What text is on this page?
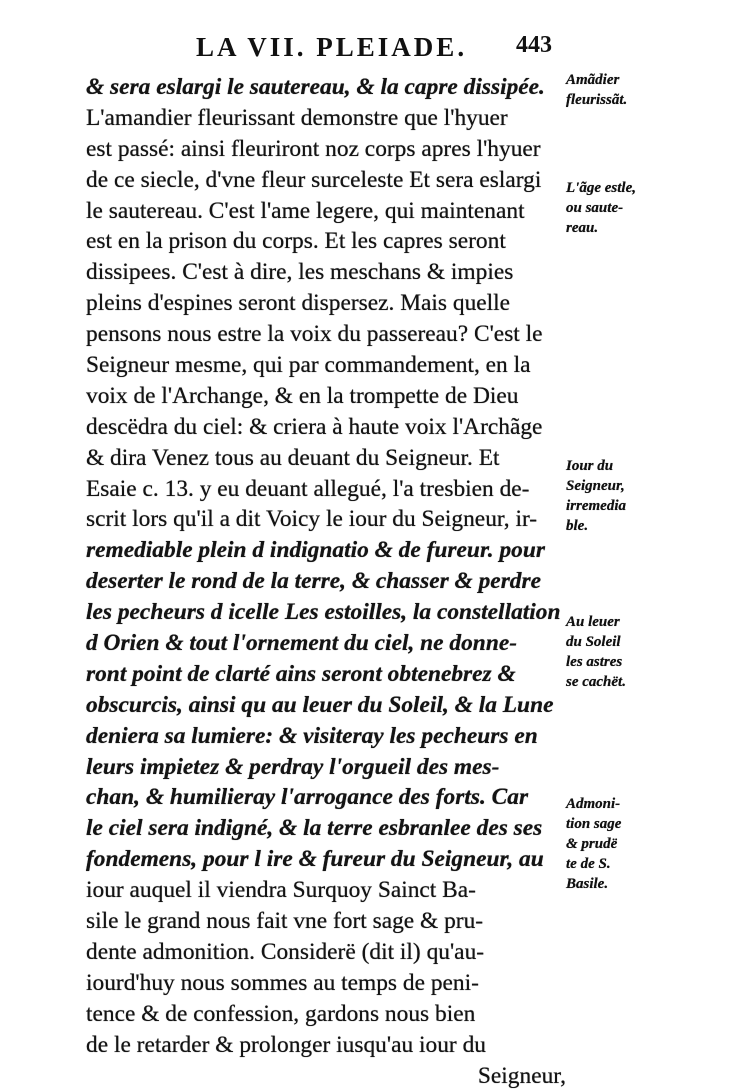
LA VII. PLEIADE. 443
& sera eslargi le sautereau, & la capre dissipée.
L'amandier fleurissant demonstre que l'hyuer
est passé: ainsi fleuriront noz corps apres l'hyuer
de ce siecle, d'vne fleur surceleste Et sera eslargi
le sautereau. C'est l'ame legere, qui maintenant
est en la prison du corps. Et les capres seront
dissipees. C'est à dire, les meschans & impies
pleins d'espines seront dispersez. Mais quelle
pensons nous estre la voix du passereau? C'est le
Seigneur mesme, qui par commandement, en la
voix de l'Archange, & en la trompette de Dieu
descëdra du ciel: & criera à haute voix l'Archãge
& dira Venez tous au deuant du Seigneur. Et
Esaie c. 13. y eu deuant allegué, l'a tresbien de-
scrit lors qu'il a dit Voicy le iour du Seigneur, ir-
remediable plein d indignatio & de fureur. pour
deserter le rond de la terre, & chasser & perdre
les pecheurs d icelle Les estoilles, la constellation
d Orien & tout l'ornement du ciel, ne donne-
ront point de clarté ains seront obtenebrez &
obscurcis, ainsi qu au leuer du Soleil, & la Lune
deniera sa lumiere: & visiteray les pecheurs en
leurs impietez & perdray l'orgueil des mes-
chan, & humilieray l'arrogance des forts. Car
le ciel sera indigné, & la terre esbranlee des ses
fondemens, pour l ire & fureur du Seigneur, au
iour auquel il viendra Surquoy Sainct Ba-
sile le grand nous fait vne fort sage & pru-
dente admonition. Considerë (dit il) qu'au-
iourd'huy nous sommes au temps de peni-
tence & de confession, gardons nous bien
de le retarder & prolonger iusqu'au iour du
Seigneur,
Amãdier
fleurissãt.
L'ãge estle,
ou saute-
reau.
Iour du
Seigneur,
irremedia
ble.
Au leuer
du Soleil
les astres
se cachët.
Admoni-
tion sage
& prudë
te de S.
Basile.
